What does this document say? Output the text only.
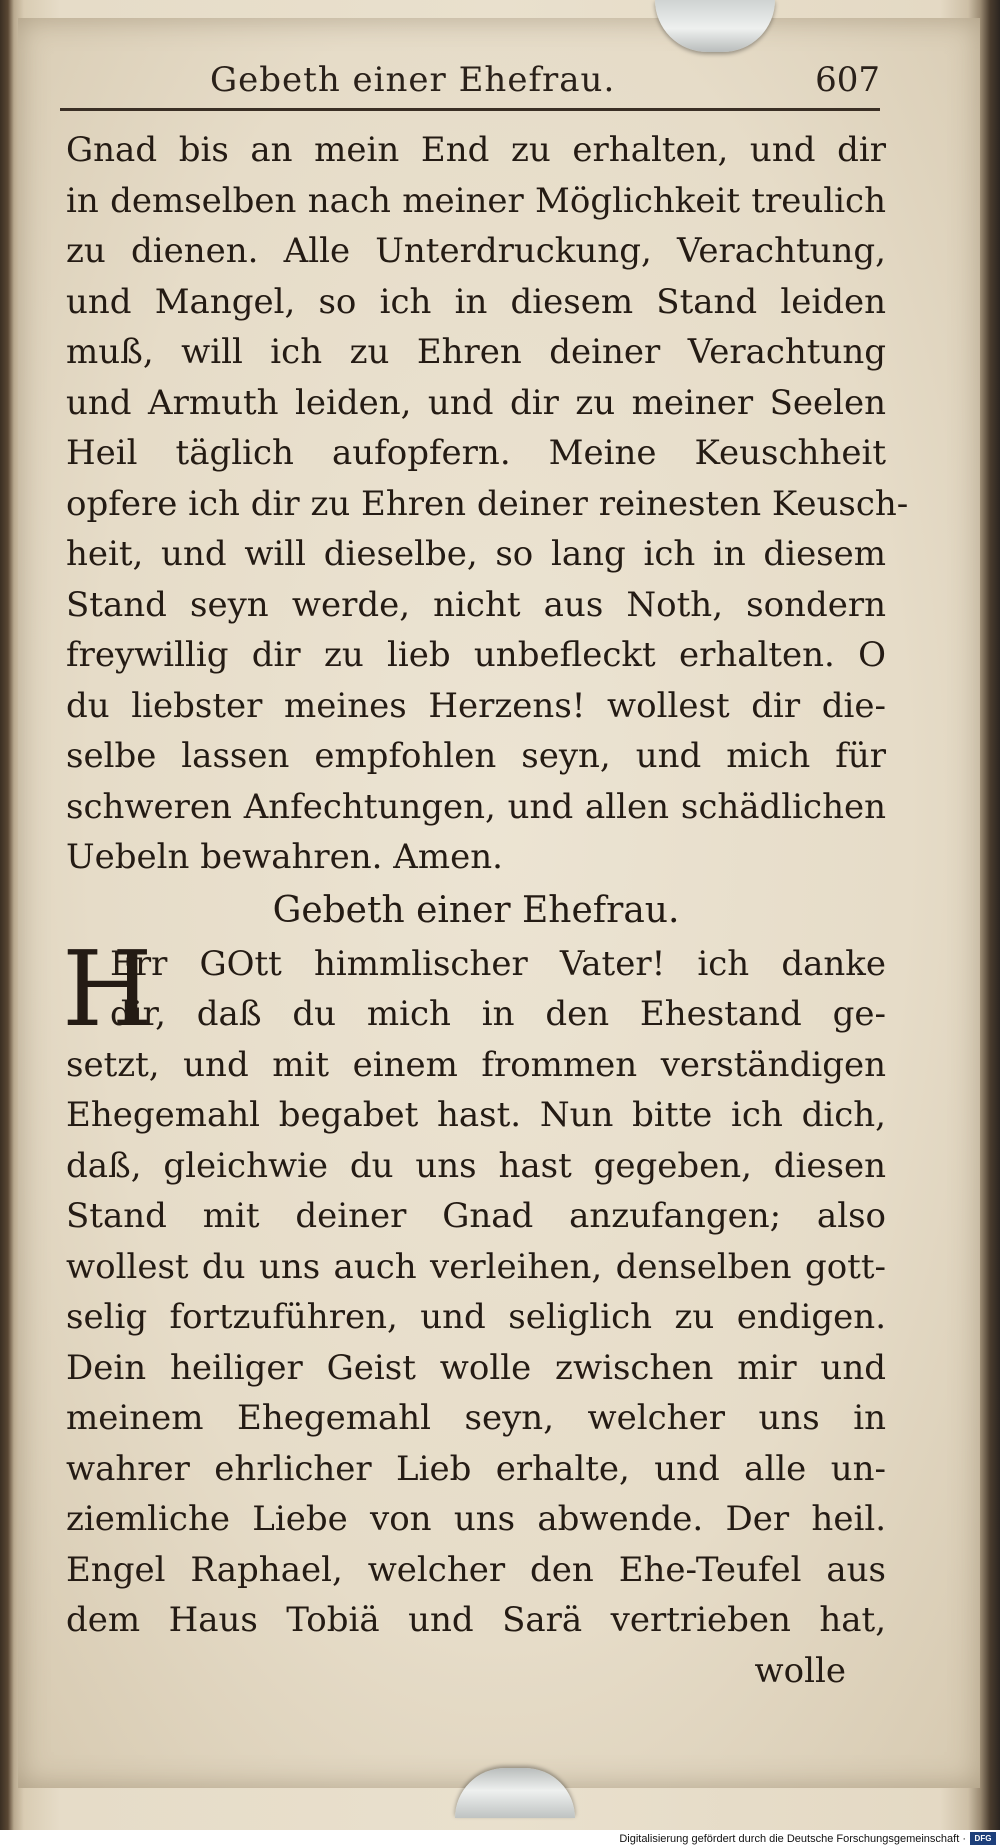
Gebeth einer Ehefrau.	607
Gnad bis an mein End zu erhalten, und dir
in demselben nach meiner Möglichkeit treulich
zu dienen. Alle Unterdruckung, Verachtung,
und Mangel, so ich in diesem Stand leiden
muß, will ich zu Ehren deiner Verachtung
und Armuth leiden, und dir zu meiner Seelen
Heil täglich aufopfern. Meine Keuschheit
opfere ich dir zu Ehren deiner reinesten Keusch-
heit, und will dieselbe, so lang ich in diesem
Stand seyn werde, nicht aus Noth, sondern
freywillig dir zu lieb unbefleckt erhalten. O
du liebster meines Herzens! wollest dir die-
selbe lassen empfohlen seyn, und mich für
schweren Anfechtungen, und allen schädlichen
Uebeln bewahren. Amen.
Gebeth einer Ehefrau.
H
Err GOtt himmlischer Vater! ich danke
dir, daß du mich in den Ehestand ge-
setzt, und mit einem frommen verständigen
Ehegemahl begabet hast. Nun bitte ich dich,
daß, gleichwie du uns hast gegeben, diesen
Stand mit deiner Gnad anzufangen; also
wollest du uns auch verleihen, denselben gott-
selig fortzuführen, und seliglich zu endigen.
Dein heiliger Geist wolle zwischen mir und
meinem Ehegemahl seyn, welcher uns in
wahrer ehrlicher Lieb erhalte, und alle un-
ziemliche Liebe von uns abwende. Der heil.
Engel Raphael, welcher den Ehe-Teufel aus
dem Haus Tobiä und Sarä vertrieben hat,
wolle
Digitalisierung gefördert durch die Deutsche Forschungsgemeinschaft ·	DFG
